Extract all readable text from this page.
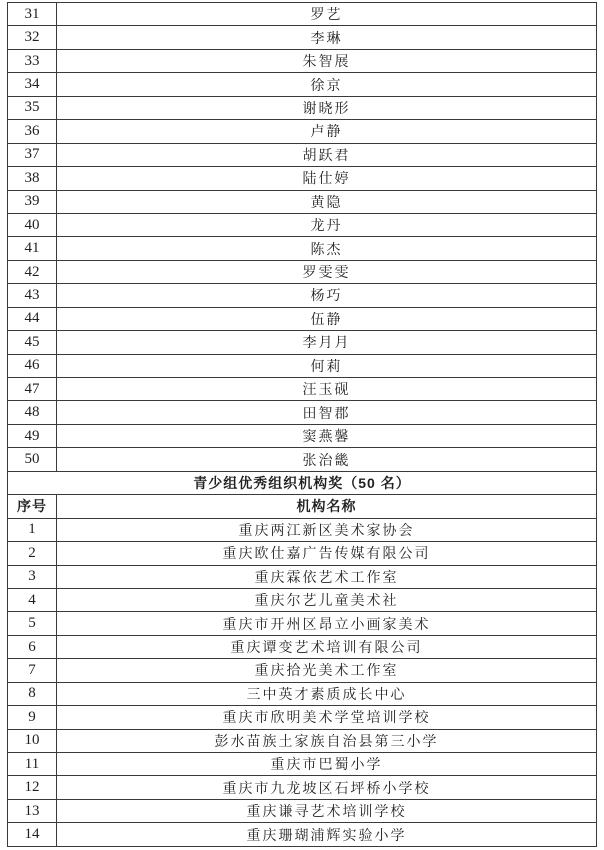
31	罗艺
32	李琳
33	朱智展
34	徐京
35	谢晓形
36	卢静
37	胡跃君
38	陆仕婷
39	黄隐
40	龙丹
41	陈杰
42	罗雯雯
43	杨巧
44	伍静
45	李月月
46	何莉
47	汪玉砚
48	田智郡
49	窦燕馨
50	张治畿
青少组优秀组织机构奖（50 名）	
序号	机构名称
1	重庆两江新区美术家协会
2	重庆欧仕嘉广告传媒有限公司
3	重庆霖依艺术工作室
4	重庆尔艺儿童美术社
5	重庆市开州区昂立小画家美术
6	重庆谭变艺术培训有限公司
7	重庆拾光美术工作室
8	三中英才素质成长中心
9	重庆市欣明美术学堂培训学校
10	彭水苗族土家族自治县第三小学
11	重庆市巴蜀小学
12	重庆市九龙坡区石坪桥小学校
13	重庆谦寻艺术培训学校
14	重庆珊瑚浦辉实验小学
